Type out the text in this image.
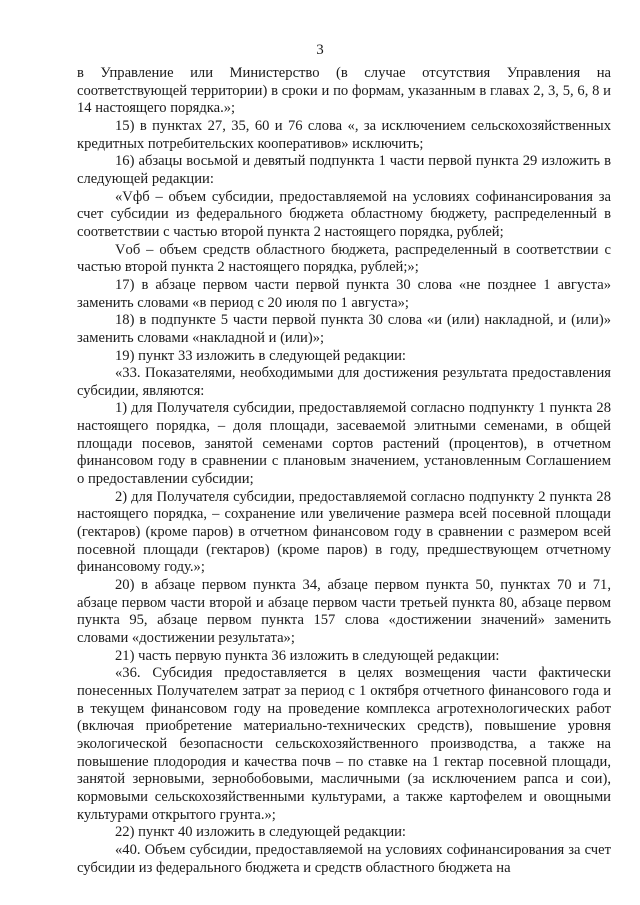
3

в Управление или Министерство (в случае отсутствия Управления на соответствующей территории) в сроки и по формам, указанным в главах 2, 3, 5, 6, 8 и 14 настоящего порядка.»;

15) в пунктах 27, 35, 60 и 76 слова «, за исключением сельскохозяйственных кредитных потребительских кооперативов» исключить;

16) абзацы восьмой и девятый подпункта 1 части первой пункта 29 изложить в следующей редакции:

«Vфб – объем субсидии, предоставляемой на условиях софинансирования за счет субсидии из федерального бюджета областному бюджету, распределенный в соответствии с частью второй пункта 2 настоящего порядка, рублей;

Vоб – объем средств областного бюджета, распределенный в соответствии с частью второй пункта 2 настоящего порядка, рублей;»;

17) в абзаце первом части первой пункта 30 слова «не позднее 1 августа» заменить словами «в период с 20 июля по 1 августа»;

18) в подпункте 5 части первой пункта 30 слова «и (или) накладной, и (или)» заменить словами «накладной и (или)»;

19) пункт 33 изложить в следующей редакции:

«33. Показателями, необходимыми для достижения результата предоставления субсидии, являются:

1) для Получателя субсидии, предоставляемой согласно подпункту 1 пункта 28 настоящего порядка, – доля площади, засеваемой элитными семенами, в общей площади посевов, занятой семенами сортов растений (процентов), в отчетном финансовом году в сравнении с плановым значением, установленным Соглашением о предоставлении субсидии;

2) для Получателя субсидии, предоставляемой согласно подпункту 2 пункта 28 настоящего порядка, – сохранение или увеличение размера всей посевной площади (гектаров) (кроме паров) в отчетном финансовом году в сравнении с размером всей посевной площади (гектаров) (кроме паров) в году, предшествующем отчетному финансовому году.»;

20) в абзаце первом пункта 34, абзаце первом пункта 50, пунктах 70 и 71, абзаце первом части второй и абзаце первом части третьей пункта 80, абзаце первом пункта 95, абзаце первом пункта 157 слова «достижении значений» заменить словами «достижении результата»;

21) часть первую пункта 36 изложить в следующей редакции:

«36. Субсидия предоставляется в целях возмещения части фактически понесенных Получателем затрат за период с 1 октября отчетного финансового года и в текущем финансовом году на проведение комплекса агротехнологических работ (включая приобретение материально-технических средств), повышение уровня экологической безопасности сельскохозяйственного производства, а также на повышение плодородия и качества почв – по ставке на 1 гектар посевной площади, занятой зерновыми, зернобобовыми, масличными (за исключением рапса и сои), кормовыми сельскохозяйственными культурами, а также картофелем и овощными культурами открытого грунта.»;

22) пункт 40 изложить в следующей редакции:

«40. Объем субсидии, предоставляемой на условиях софинансирования за счет субсидии из федерального бюджета и средств областного бюджета на
